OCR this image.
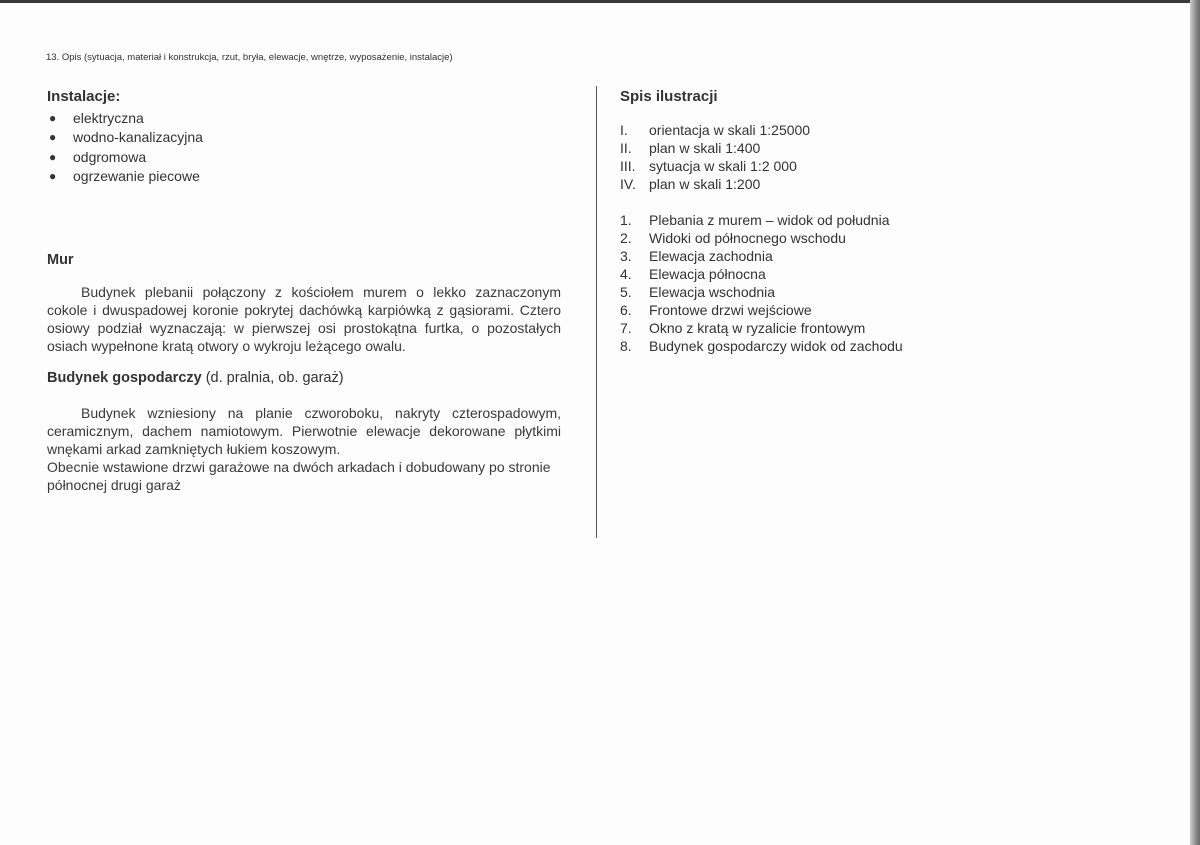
13. Opis (sytuacja, materiał i konstrukcja, rzut, bryła, elewacje, wnętrze, wyposażenie, instalacje)
Instalacje:
● elektryczna
● wodno-kanalizacyjna
● odgromowa
● ogrzewanie piecowe
Mur

Budynek plebanii połączony z kościołem murem o lekko zaznaczonym cokole i dwuspadowej koronie pokrytej dachówką karpiówką z gąsiorami. Cztero osiowy podział wyznaczają: w pierwszej osi prostokątna furtka, o pozostałych osiach wypełnone kratą otwory o wykroju leżącego owalu.

Budynek gospodarczy (d. pralnia, ob. garaż)

Budynek wzniesiony na planie czworoboku, nakryty czterospadowym, ceramicznym, dachem namiotowym. Pierwotnie elewacje dekorowane płytkimi wnękami arkad zamkniętych łukiem koszowym.

Obecnie wstawione drzwi garażowe na dwóch arkadach i dobudowany po stronie północnej drugi garaż

Spis ilustracji
I. orientacja w skali 1:25000
II. plan w skali 1:400
III. sytuacja w skali 1:2 000
IV. plan w skali 1:200
1. Plebania z murem – widok od południa
2. Widoki od północnego wschodu
3. Elewacja zachodnia
4. Elewacja północna
5. Elewacja wschodnia
6. Frontowe drzwi wejściowe
7. Okno z kratą w ryzalicie frontowym
8. Budynek gospodarczy widok od zachodu
